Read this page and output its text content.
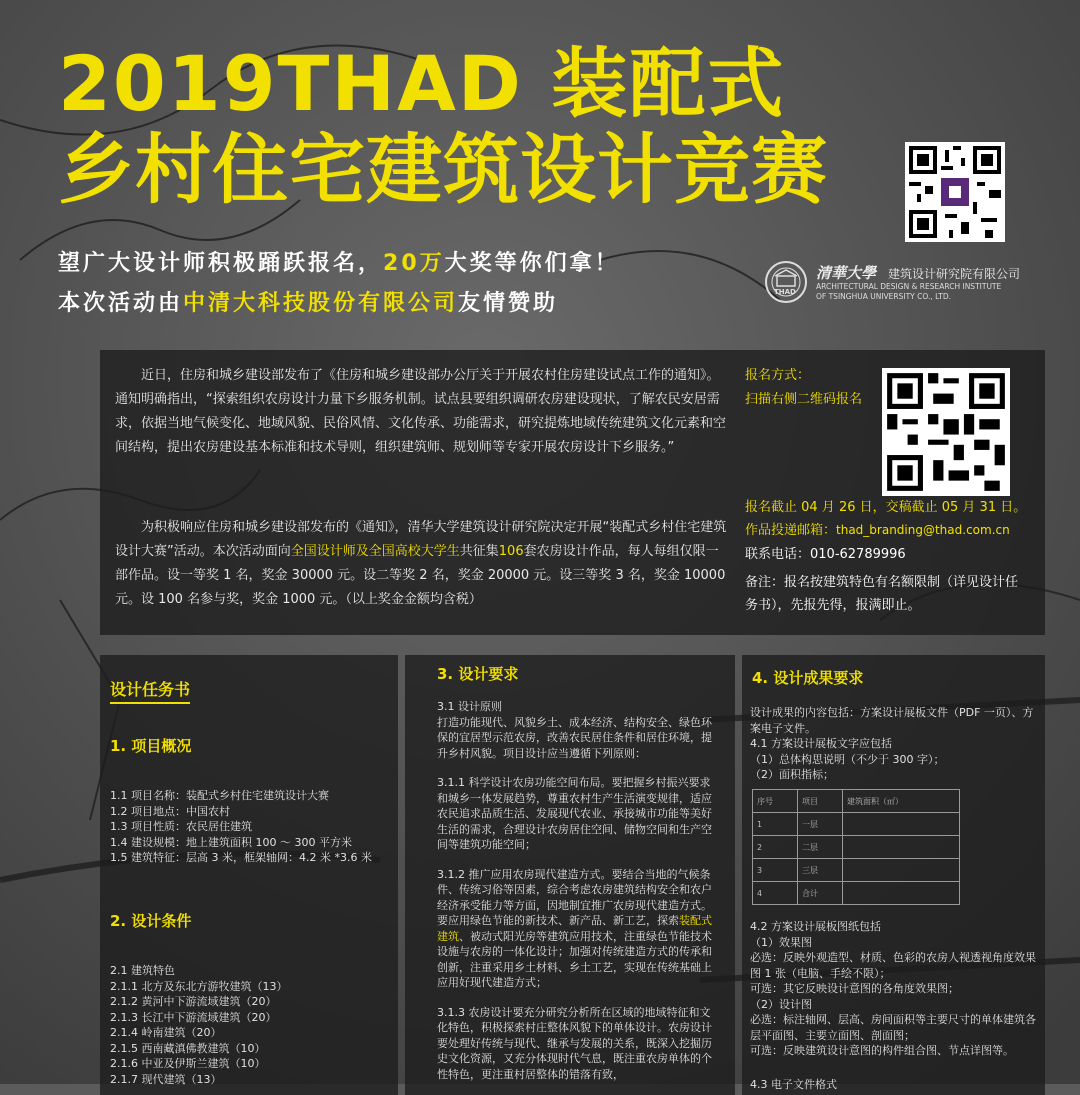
2019THAD 装配式
乡村住宅建筑设计竞赛
望广大设计师积极踊跃报名，20万大奖等你们拿！
本次活动由中清大科技股份有限公司友情赞助	THAD
清華大學 建筑设计研究院有限公司
ARCHITECTURAL DESIGN & RESEARCH INSTITUTE
OF TSINGHUA UNIVERSITY CO., LTD.
近日，住房和城乡建设部发布了《住房和城乡建设部办公厅关于开展农村住房建设试点工作的通知》。通知明确指出，“探索组织农房设计力量下乡服务机制。试点县要组织调研农房建设现状，了解农民安居需求，依据当地气候变化、地域风貌、民俗风情、文化传承、功能需求，研究提炼地域传统建筑文化元素和空间结构，提出农房建设基本标准和技术导则，组织建筑师、规划师等专家开展农房设计下乡服务。”
为积极响应住房和城乡建设部发布的《通知》，清华大学建筑设计研究院决定开展“装配式乡村住宅建筑设计大赛”活动。本次活动面向全国设计师及全国高校大学生共征集106套农房设计作品，每人每组仅限一部作品。设一等奖 1 名，奖金 30000 元。设二等奖 2 名，奖金 20000 元。设三等奖 3 名，奖金 10000 元。设 100 名参与奖，奖金 1000 元。（以上奖金金额均含税）
报名方式：
扫描右侧二维码报名
报名截止 04 月 26 日，交稿截止 05 月 31 日。
作品投递邮箱：thad_branding@thad.com.cn
联系电话：010-62789996
备注：报名按建筑特色有名额限制（详见设计任务书），先报先得，报满即止。
设计任务书
1. 项目概况
1.1 项目名称：装配式乡村住宅建筑设计大赛
1.2 项目地点：中国农村
1.3 项目性质：农民居住建筑
1.4 建设规模：地上建筑面积 100 ～ 300 平方米
1.5 建筑特征：层高 3 米，框架轴网：4.2 米 *3.6 米
2. 设计条件
2.1 建筑特色
2.1.1 北方及东北方游牧建筑（13）
2.1.2 黄河中下游流域建筑（20）
2.1.3 长江中下游流域建筑（20）
2.1.4 岭南建筑（20）
2.1.5 西南藏滇佛教建筑（10）
2.1.6 中亚及伊斯兰建筑（10）
2.1.7 现代建筑（13）
3. 设计要求
3.1 设计原则
打造功能现代、风貌乡土、成本经济、结构安全、绿色环保的宜居型示范农房，改善农民居住条件和居住环境，提升乡村风貌。项目设计应当遵循下列原则：
3.1.1 科学设计农房功能空间布局。要把握乡村振兴要求和城乡一体发展趋势，尊重农村生产生活演变规律，适应农民追求品质生活、发展现代农业、承接城市功能等美好生活的需求，合理设计农房居住空间、储物空间和生产空间等建筑功能空间；
3.1.2 推广应用农房现代建造方式。要结合当地的气候条件、传统习俗等因素，综合考虑农房建筑结构安全和农户经济承受能力等方面，因地制宜推广农房现代建造方式。要应用绿色节能的新技术、新产品、新工艺，探索装配式建筑、被动式阳光房等建筑应用技术，注重绿色节能技术设施与农房的一体化设计；加强对传统建造方式的传承和创新，注重采用乡土材料、乡土工艺，实现在传统基础上应用好现代建造方式；
3.1.3 农房设计要充分研究分析所在区域的地域特征和文化特色，积极探索村庄整体风貌下的单体设计。农房设计要处理好传统与现代、继承与发展的关系，既深入挖掘历史文化资源，又充分体现时代气息，既注重农房单体的个性特色，更注重村居整体的错落有致，
4. 设计成果要求
设计成果的内容包括：方案设计展板文件（PDF 一页）、方案电子文件。
4.1 方案设计展板文字应包括
（1）总体构思说明（不少于 300 字）；
（2）面积指标；
序号	项目	建筑面积（㎡）
1	一层	
2	二层	
3	三层	
4	合计	
4.2 方案设计展板图纸包括
（1）效果图
必选：反映外观造型、材质、色彩的农房人视透视角度效果图 1 张（电脑、手绘不限）；
可选：其它反映设计意图的各角度效果图；
（2）设计图
必选：标注轴网、层高、房间面积等主要尺寸的单体建筑各层平面图、主要立面图、剖面图；
可选：反映建筑设计意图的构件组合图、节点详图等。
4.3 电子文件格式
